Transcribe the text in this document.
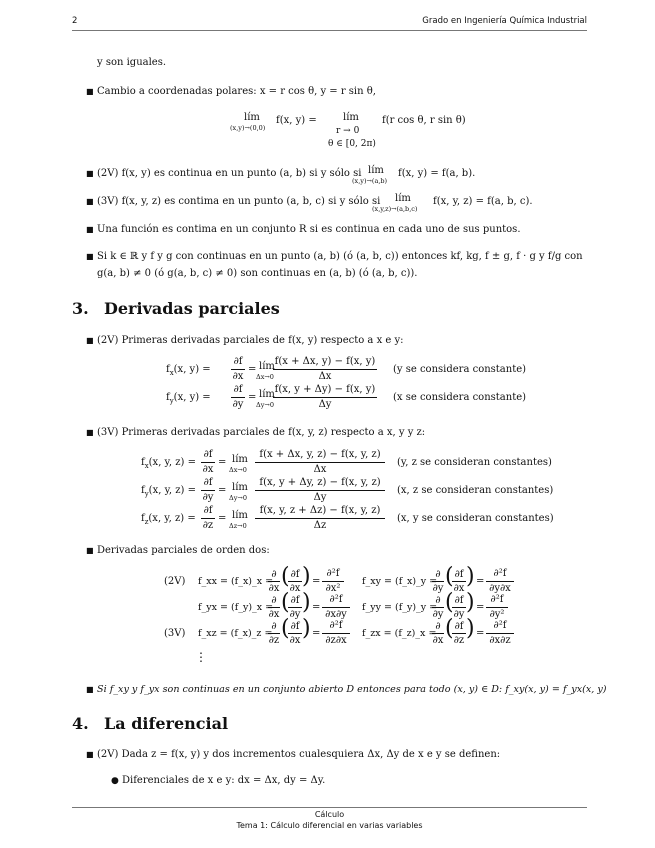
2	Grado en Ingeniería Química Industrial
y son iguales.
■ Cambio a coordenadas polares: x = r cos θ, y = r sin θ,
lím
(x,y)→(0,0)
f(x, y) =	lím
r → 0
θ ∈ [0, 2π)
f(r cos θ, r sin θ)
■ (2V) f(x, y) es continua en un punto (a, b) si y sólo si lím
(x,y)→(a,b)
f(x, y) = f(a, b).
■ (3V) f(x, y, z) es contima en un punto (a, b, c) si y sólo si lím
(x,y,z)→(a,b,c)
f(x, y, z) = f(a, b, c).
■ Una función es contima en un conjunto R si es continua en cada uno de sus puntos.
■ Si k ∈ ℝ y f y g con continuas en un punto (a, b) (ó (a, b, c)) entonces kf, kg, f ± g, f · g y f/g con
g(a, b) ≠ 0 (ó g(a, b, c) ≠ 0) son continuas en (a, b) (ó (a, b, c)).
3. Derivadas parciales
■ (2V) Primeras derivadas parciales de f(x, y) respecto a x e y:
$f_x(x$, y) =
∂f
∂x
= lím
Δx→0
f(x + Δx, y) − f(x, y)
Δx
(y se considera constante)
$f_y(x$, y) =
∂f
∂y
= lím
Δy→0
f(x, y + Δy) − f(x, y)
Δy
(x se considera constante)
■ (3V) Primeras derivadas parciales de f(x, y, z) respecto a x, y y z:
$f_x(x$, y, z) =
∂f
∂x
= lím
Δx→0
f(x + Δx, y, z) − f(x, y, z)
Δx
(y, z se consideran constantes)
$f_y(x$, y, z) =
∂f
∂y
= lím
Δy→0
f(x, y + Δy, z) − f(x, y, z)
Δy
(x, z se consideran constantes)
$f_z(x$, y, z) =
∂f
∂z
= lím
Δz→0
f(x, y, z + Δz) − f(x, y, z)
Δz
(x, y se consideran constantes)
■ Derivadas parciales de orden dos:
(2V)
(3V)
f_xx = (f_x)_x =
∂
∂x ( ∂f
∂x ) =
∂²f
∂x²
f_xy = (f_x)_y =
∂
∂y ( ∂f
∂x ) =
∂²f
∂y∂x
f_yx = (f_y)_x =
∂
∂x ( ∂f
∂y ) =
∂²f
∂x∂y
f_yy = (f_y)_y =
∂
∂y ( ∂f
∂y ) =
∂²f
∂y²
f_xz = (f_x)_z =
∂
∂z ( ∂f
∂x ) =
∂²f
∂z∂x
f_zx = (f_z)_x =
∂
∂x ( ∂f
∂z ) =
∂²f
∂x∂z
⋮
■ Si f_xy y f_yx son continuas en un conjunto abierto D entonces para todo (x, y) ∈ D: f_xy(x, y) = f_yx(x, y)
4. La diferencial
■ (2V) Dada z = f(x, y) y dos incrementos cualesquiera Δx, Δy de x e y se definen:
● Diferenciales de x e y: dx = Δx, dy = Δy.
Cálculo
Tema 1: Cálculo diferencial en varias variables
